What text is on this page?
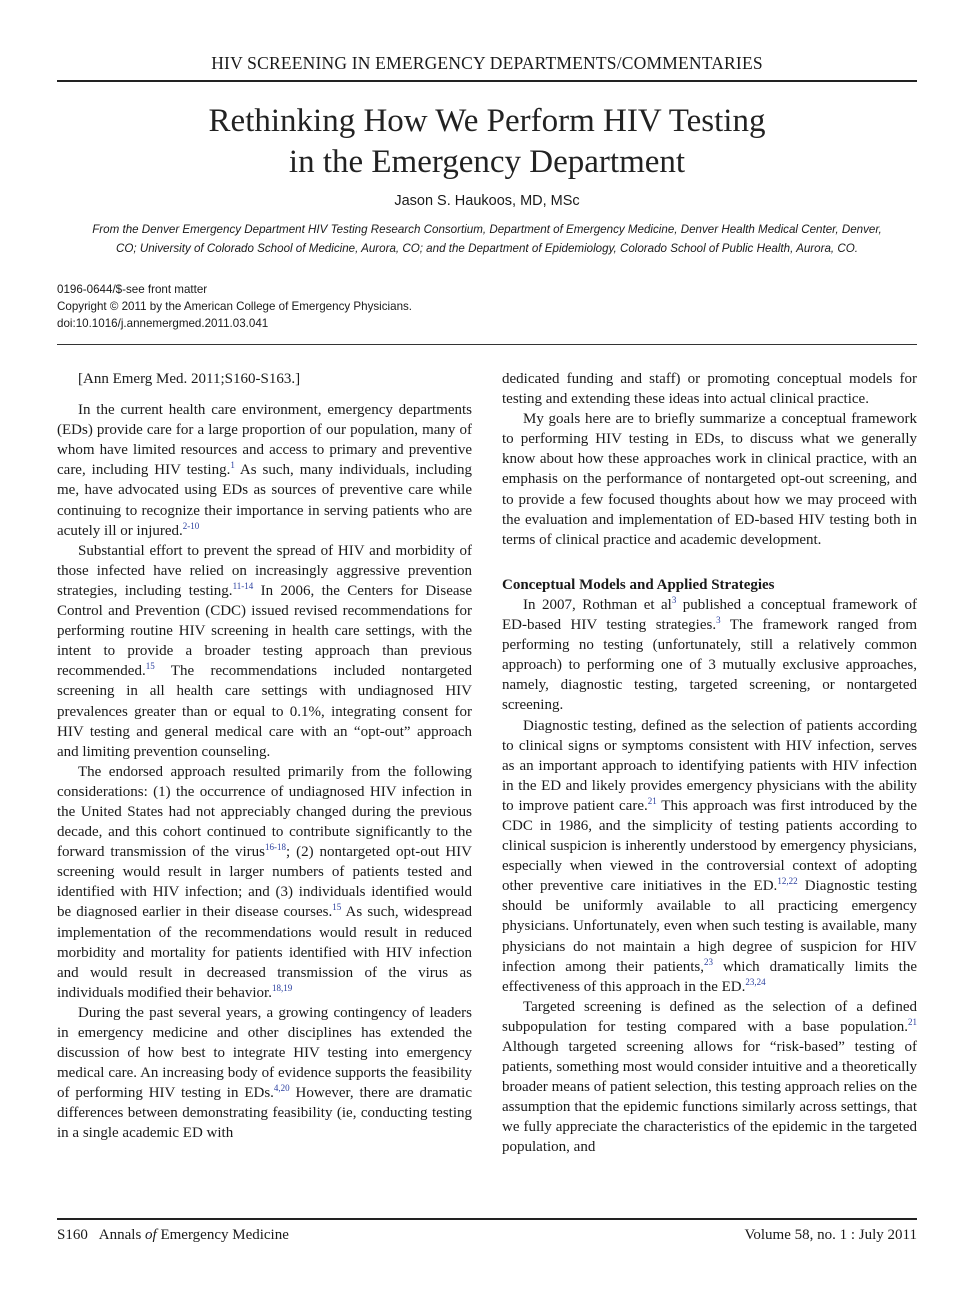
HIV SCREENING IN EMERGENCY DEPARTMENTS/COMMENTARIES
Rethinking How We Perform HIV Testing
in the Emergency Department
Jason S. Haukoos, MD, MSc
From the Denver Emergency Department HIV Testing Research Consortium, Department of Emergency Medicine, Denver Health Medical Center, Denver,
CO; University of Colorado School of Medicine, Aurora, CO; and the Department of Epidemiology, Colorado School of Public Health, Aurora, CO.
0196-0644/$-see front matter
Copyright © 2011 by the American College of Emergency Physicians.
doi:10.1016/j.annemergmed.2011.03.041

[Ann Emerg Med. 2011;S160-S163.]

In the current health care environment, emergency departments (EDs) provide care for a large proportion of our population, many of whom have limited resources and access to primary and preventive care, including HIV testing.$^1$ As such, many individuals, including me, have advocated using EDs as sources of preventive care while continuing to recognize their importance in serving patients who are acutely ill or injured.$^{2-10}$

Substantial effort to prevent the spread of HIV and morbidity of those infected have relied on increasingly aggressive prevention strategies, including testing.$^{11-14}$ In 2006, the Centers for Disease Control and Prevention (CDC) issued revised recommendations for performing routine HIV screening in health care settings, with the intent to provide a broader testing approach than previous recommended.$^{15}$ The recommendations included nontargeted screening in all health care settings with undiagnosed HIV prevalences greater than or equal to 0.1%, integrating consent for HIV testing and general medical care with an “opt-out” approach and limiting prevention counseling.

The endorsed approach resulted primarily from the following considerations: (1) the occurrence of undiagnosed HIV infection in the United States had not appreciably changed during the previous decade, and this cohort continued to contribute significantly to the forward transmission of the virus$^{16-18}$; (2) nontargeted opt-out HIV screening would result in larger numbers of patients tested and identified with HIV infection; and (3) individuals identified would be diagnosed earlier in their disease courses.$^{15}$ As such, widespread implementation of the recommendations would result in reduced morbidity and mortality for patients identified with HIV infection and would result in decreased transmission of the virus as individuals modified their behavior.$^{18,19}$

During the past several years, a growing contingency of leaders in emergency medicine and other disciplines has extended the discussion of how best to integrate HIV testing into emergency medical care. An increasing body of evidence supports the feasibility of performing HIV testing in EDs.$^{4,20}$ However, there are dramatic differences between demonstrating feasibility (ie, conducting testing in a single academic ED with

dedicated funding and staff) or promoting conceptual models for testing and extending these ideas into actual clinical practice.

My goals here are to briefly summarize a conceptual framework to performing HIV testing in EDs, to discuss what we generally know about how these approaches work in clinical practice, with an emphasis on the performance of nontargeted opt-out screening, and to provide a few focused thoughts about how we may proceed with the evaluation and implementation of ED-based HIV testing both in terms of clinical practice and academic development.

Conceptual Models and Applied Strategies

In 2007, Rothman et al$^3$ published a conceptual framework of ED-based HIV testing strategies.$^3$ The framework ranged from performing no testing (unfortunately, still a relatively common approach) to performing one of 3 mutually exclusive approaches, namely, diagnostic testing, targeted screening, or nontargeted screening.

Diagnostic testing, defined as the selection of patients according to clinical signs or symptoms consistent with HIV infection, serves as an important approach to identifying patients with HIV infection in the ED and likely provides emergency physicians with the ability to improve patient care.$^{21}$ This approach was first introduced by the CDC in 1986, and the simplicity of testing patients according to clinical suspicion is inherently understood by emergency physicians, especially when viewed in the controversial context of adopting other preventive care initiatives in the ED.$^{12,22}$ Diagnostic testing should be uniformly available to all practicing emergency physicians. Unfortunately, even when such testing is available, many physicians do not maintain a high degree of suspicion for HIV infection among their patients,$^{23}$ which dramatically limits the effectiveness of this approach in the ED.$^{23,24}$

Targeted screening is defined as the selection of a defined subpopulation for testing compared with a base population.$^{21}$ Although targeted screening allows for “risk-based” testing of patients, something most would consider intuitive and a theoretically broader means of patient selection, this testing approach relies on the assumption that the epidemic functions similarly across settings, that we fully appreciate the characteristics of the epidemic in the targeted population, and

S160 Annals of Emergency Medicine	Volume 58, no. 1 : July 2011
